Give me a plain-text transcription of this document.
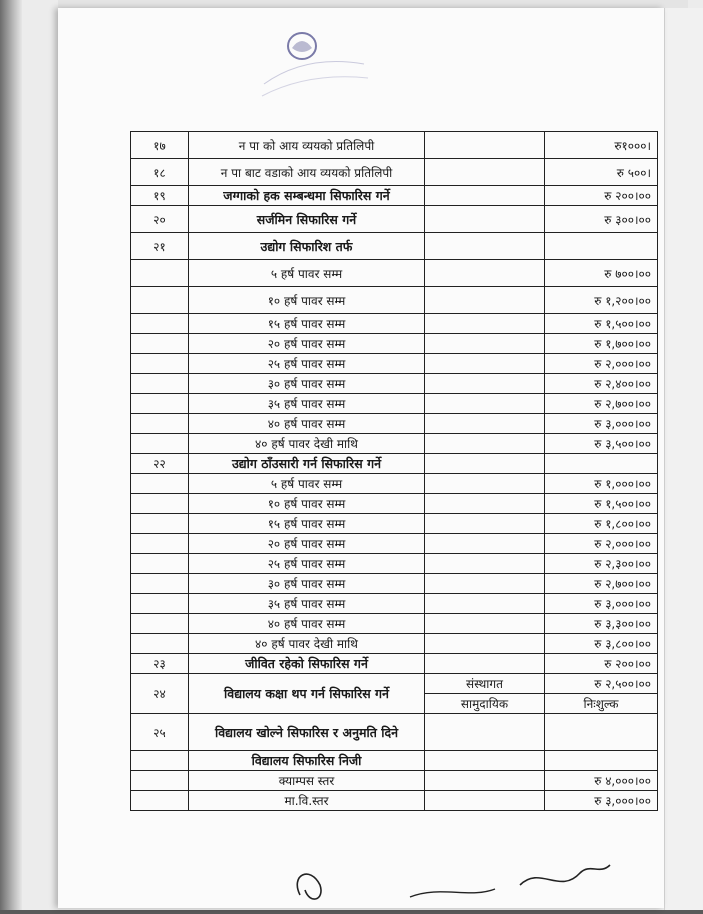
१७	न पा को आय व्ययको प्रतिलिपी		रु१०००।
१८	न पा बाट वडाको आय व्ययको प्रतिलिपी		रु ५००।
१९	जग्गाको हक सम्बन्धमा सिफारिस गर्ने		रु २००।००
२०	सर्जमिन सिफारिस गर्ने		रु ३००।००
२१	उद्योग सिफारिश तर्फ		
	५ हर्ष पावर सम्म		रु ७००।००
	१० हर्ष पावर सम्म		रु १,२००।००
	१५ हर्ष पावर सम्म		रु १,५००।००
	२० हर्ष पावर सम्म		रु १,७००।००
	२५ हर्ष पावर सम्म		रु २,०००।००
	३० हर्ष पावर सम्म		रु २,४००।००
	३५ हर्ष पावर सम्म		रु २,७००।००
	४० हर्ष पावर सम्म		रु ३,०००।००
	४० हर्ष पावर देखी माथि		रु ३,५००।००
२२	उद्योग ठाँउसारी गर्न सिफारिस गर्ने		
	५ हर्ष पावर सम्म		रु १,०००।००
	१० हर्ष पावर सम्म		रु १,५००।००
	१५ हर्ष पावर सम्म		रु १,८००।००
	२० हर्ष पावर सम्म		रु २,०००।००
	२५ हर्ष पावर सम्म		रु २,३००।००
	३० हर्ष पावर सम्म		रु २,७००।००
	३५ हर्ष पावर सम्म		रु ३,०००।००
	४० हर्ष पावर सम्म		रु ३,३००।००
	४० हर्ष पावर देखी माथि		रु ३,८००।००
२३	जीवित रहेको सिफारिस गर्ने		रु २००।००
२४	विद्यालय कक्षा थप गर्न सिफारिस गर्ने	संस्थागत	रु २,५००।००
		सामुदायिक	निःशुल्क
२५	विद्यालय खोल्ने सिफारिस र अनुमति दिने		
	विद्यालय सिफारिस निजी		
	क्याम्पस स्तर		रु ४,०००।००
	मा.वि.स्तर		रु ३,०००।००
